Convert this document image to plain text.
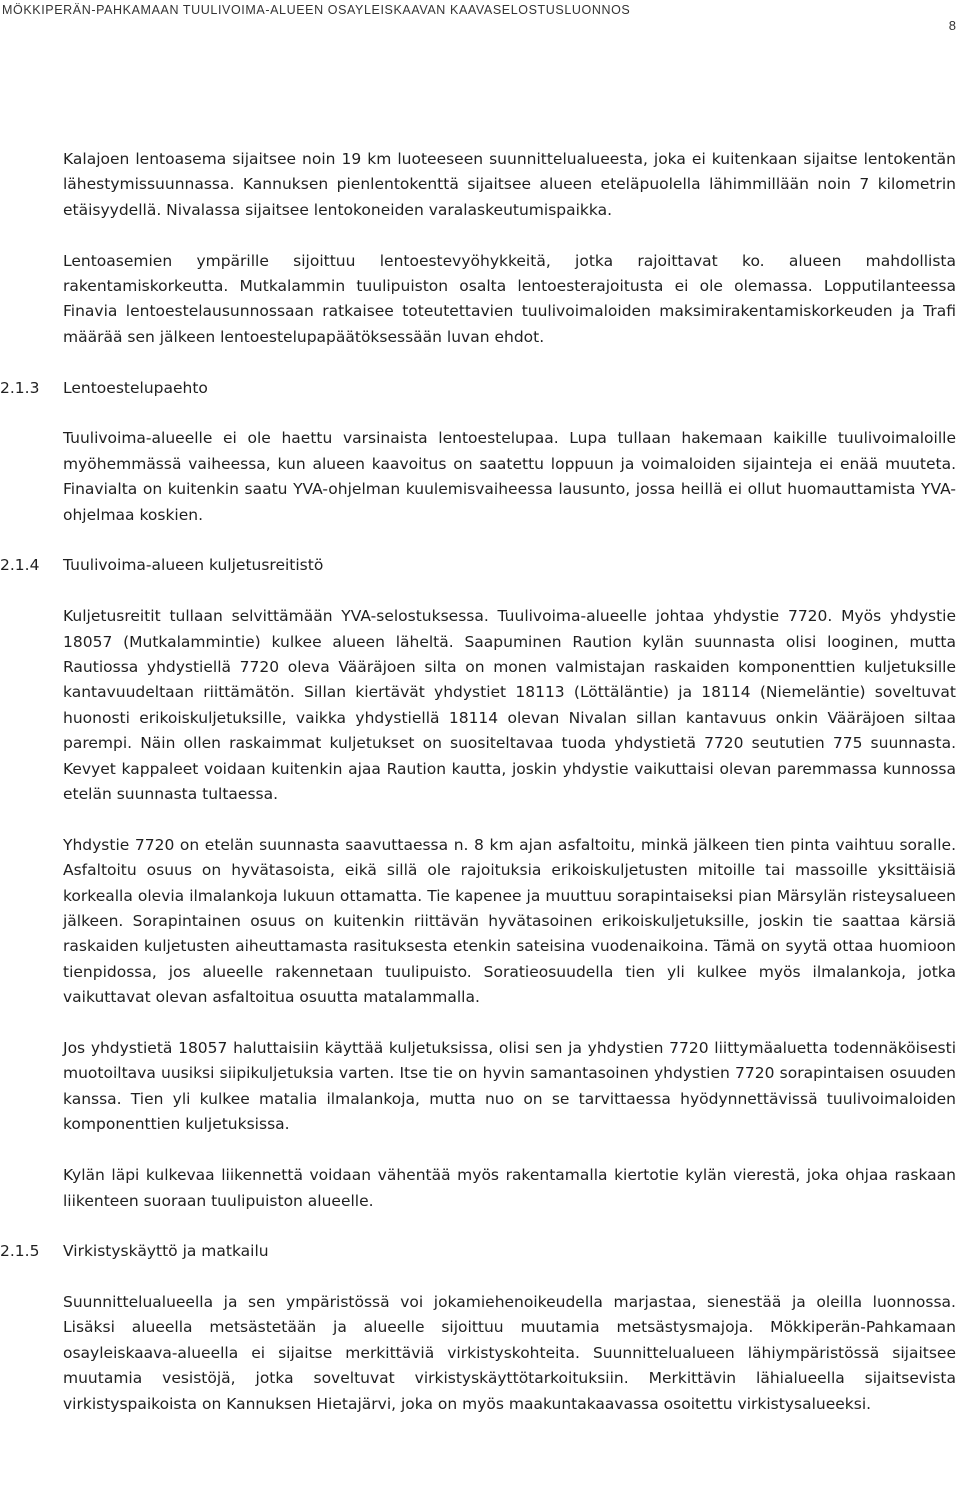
MÖKKIPERÄN-PAHKAMAAN TUULIVOIMA-ALUEEN OSAYLEISKAAVAN KAAVASELOSTUSLUONNOS
8

Kalajoen lentoasema sijaitsee noin 19 km luoteeseen suunnittelualueesta, joka ei kuitenkaan sijaitse lentokentän lähestymissuunnassa. Kannuksen pienlentokenttä sijaitsee alueen eteläpuolella lähimmillään noin 7 kilometrin etäisyydellä. Nivalassa sijaitsee lentokoneiden varalaskeutumispaikka.

Lentoasemien ympärille sijoittuu lentoestevyöhykkeitä, jotka rajoittavat ko. alueen mahdollista rakentamiskorkeutta. Mutkalammin tuulipuiston osalta lentoesterajoitusta ei ole olemassa. Lopputilanteessa Finavia lentoestelausunnossaan ratkaisee toteutettavien tuulivoimaloiden maksimirakentamiskorkeuden ja Trafi määrää sen jälkeen lentoestelupapäätöksessään luvan ehdot.

2.1.3 Lentoestelupaehto

Tuulivoima-alueelle ei ole haettu varsinaista lentoestelupaa. Lupa tullaan hakemaan kaikille tuulivoimaloille myöhemmässä vaiheessa, kun alueen kaavoitus on saatettu loppuun ja voimaloiden sijainteja ei enää muuteta. Finavialta on kuitenkin saatu YVA-ohjelman kuulemisvaiheessa lausunto, jossa heillä ei ollut huomauttamista YVA-ohjelmaa koskien.

2.1.4 Tuulivoima-alueen kuljetusreitistö

Kuljetusreitit tullaan selvittämään YVA-selostuksessa. Tuulivoima-alueelle johtaa yhdystie 7720. Myös yhdystie 18057 (Mutkalammintie) kulkee alueen läheltä. Saapuminen Raution kylän suunnasta olisi looginen, mutta Rautiossa yhdystiellä 7720 oleva Vääräjoen silta on monen valmistajan raskaiden komponenttien kuljetuksille kantavuudeltaan riittämätön. Sillan kiertävät yhdystiet 18113 (Löttäläntie) ja 18114 (Niemeläntie) soveltuvat huonosti erikoiskuljetuksille, vaikka yhdystiellä 18114 olevan Nivalan sillan kantavuus onkin Vääräjoen siltaa parempi. Näin ollen raskaimmat kuljetukset on suositeltavaa tuoda yhdystietä 7720 seututien 775 suunnasta. Kevyet kappaleet voidaan kuitenkin ajaa Raution kautta, joskin yhdystie vaikuttaisi olevan paremmassa kunnossa etelän suunnasta tultaessa.

Yhdystie 7720 on etelän suunnasta saavuttaessa n. 8 km ajan asfaltoitu, minkä jälkeen tien pinta vaihtuu soralle. Asfaltoitu osuus on hyvätasoista, eikä sillä ole rajoituksia erikoiskuljetusten mitoille tai massoille yksittäisiä korkealla olevia ilmalankoja lukuun ottamatta. Tie kapenee ja muuttuu sorapintaiseksi pian Märsylän risteysalueen jälkeen. Sorapintainen osuus on kuitenkin riittävän hyvätasoinen erikoiskuljetuksille, joskin tie saattaa kärsiä raskaiden kuljetusten aiheuttamasta rasituksesta etenkin sateisina vuodenaikoina. Tämä on syytä ottaa huomioon tienpidossa, jos alueelle rakennetaan tuulipuisto. Soratieosuudella tien yli kulkee myös ilmalankoja, jotka vaikuttavat olevan asfaltoitua osuutta matalammalla.

Jos yhdystietä 18057 haluttaisiin käyttää kuljetuksissa, olisi sen ja yhdystien 7720 liittymäaluetta todennäköisesti muotoiltava uusiksi siipikuljetuksia varten. Itse tie on hyvin samantasoinen yhdystien 7720 sorapintaisen osuuden kanssa. Tien yli kulkee matalia ilmalankoja, mutta nuo on se tarvittaessa hyödynnettävissä tuulivoimaloiden komponenttien kuljetuksissa.

Kylän läpi kulkevaa liikennettä voidaan vähentää myös rakentamalla kiertotie kylän vierestä, joka ohjaa raskaan liikenteen suoraan tuulipuiston alueelle.

2.1.5 Virkistyskäyttö ja matkailu

Suunnittelualueella ja sen ympäristössä voi jokamiehenoikeudella marjastaa, sienestää ja oleilla luonnossa. Lisäksi alueella metsästetään ja alueelle sijoittuu muutamia metsästysmajoja. Mökkiperän-Pahkamaan osayleiskaava-alueella ei sijaitse merkittäviä virkistyskohteita. Suunnittelualueen lähiympäristössä sijaitsee muutamia vesistöjä, jotka soveltuvat virkistyskäyttötarkoituksiin. Merkittävin lähialueella sijaitsevista virkistyspaikoista on Kannuksen Hietajärvi, joka on myös maakuntakaavassa osoitettu virkistysalueeksi.
